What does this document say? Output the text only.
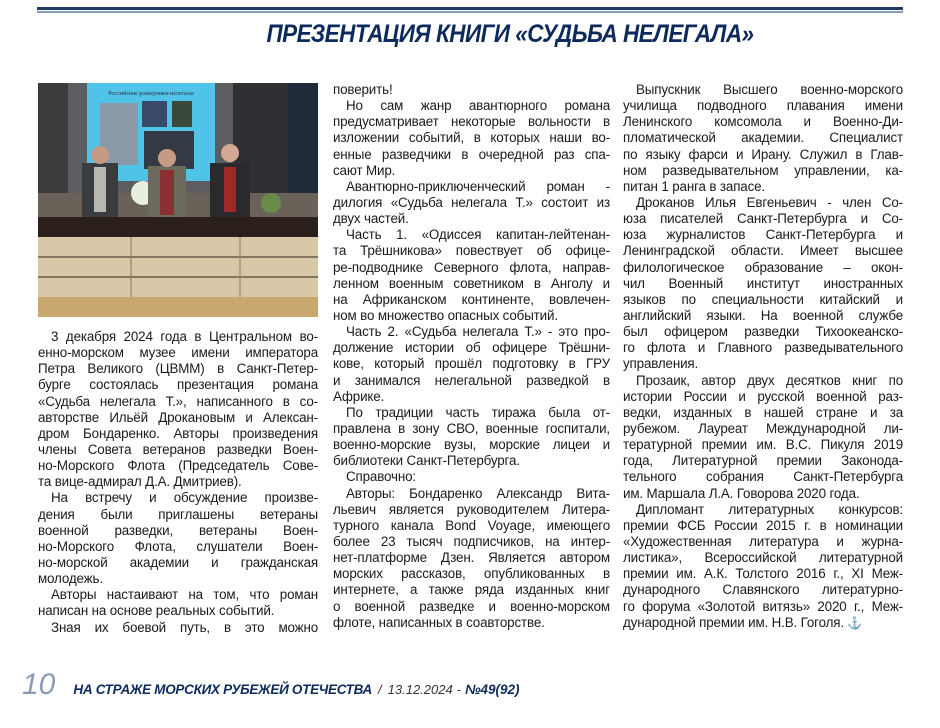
ПРЕЗЕНТАЦИЯ КНИГИ «СУДЬБА НЕЛЕГАЛА»
Российские разведчики-нелегалы
3 декабря 2024 года в Центральном во-
енно-морском музее имени императора
Петра Великого (ЦВММ) в Санкт-Петер-
бурге состоялась презентация романа
«Судьба нелегала Т.», написанного в со-
авторстве Ильёй Дрокановым и Алексан-
дром Бондаренко. Авторы произведения
члены Совета ветеранов разведки Воен-
но-Морского Флота (Председатель Сове-
та вице-адмирал Д.А. Дмитриев).
На встречу и обсуждение произве-
дения были приглашены ветераны
военной разведки, ветераны Воен-
но-Морского Флота, слушатели Воен-
но-морской академии и гражданская
молодежь.
Авторы настаивают на том, что роман
написан на основе реальных событий.
Зная их боевой путь, в это можно
поверить!
Но сам жанр авантюрного романа
предусматривает некоторые вольности в
изложении событий, в которых наши во-
енные разведчики в очередной раз спа-
сают Мир.
Авантюрно-приключенческий роман -
дилогия «Судьба нелегала Т.» состоит из
двух частей.
Часть 1. «Одиссея капитан-лейтенан-
та Трёшникова» повествует об офице-
ре-подводнике Северного флота, направ-
ленном военным советником в Анголу и
на Африканском континенте, вовлечен-
ном во множество опасных событий.
Часть 2. «Судьба нелегала Т.» - это про-
должение истории об офицере Трёшни-
кове, который прошёл подготовку в ГРУ
и занимался нелегальной разведкой в
Африке.
По традиции часть тиража была от-
правлена в зону СВО, военные госпитали,
военно-морские вузы, морские лицеи и
библиотеки Санкт-Петербурга.
Справочно:
Авторы: Бондаренко Александр Вита-
льевич является руководителем Литера-
турного канала Bond Voyage, имеющего
более 23 тысяч подписчиков, на интер-
нет-платформе Дзен. Является автором
морских рассказов, опубликованных в
интернете, а также ряда изданных книг
о военной разведке и военно-морском
флоте, написанных в соавторстве.
Выпускник Высшего военно-морского
училища подводного плавания имени
Ленинского комсомола и Военно-Ди-
пломатической академии. Специалист
по языку фарси и Ирану. Служил в Глав-
ном разведывательном управлении, ка-
питан 1 ранга в запасе.
Дроканов Илья Евгеньевич - член Со-
юза писателей Санкт-Петербурга и Со-
юза журналистов Санкт-Петербурга и
Ленинградской области. Имеет высшее
филологическое образование – окон-
чил Военный институт иностранных
языков по специальности китайский и
английский языки. На военной службе
был офицером разведки Тихоокеанско-
го флота и Главного разведывательного
управления.
Прозаик, автор двух десятков книг по
истории России и русской военной раз-
ведки, изданных в нашей стране и за
рубежом. Лауреат Международной ли-
тературной премии им. В.С. Пикуля 2019
года, Литературной премии Законода-
тельного собрания Санкт-Петербурга
им. Маршала Л.А. Говорова 2020 года.
Дипломант литературных конкурсов:
премии ФСБ России 2015 г. в номинации
«Художественная литература и журна-
листика», Всероссийской литературной
премии им. А.К. Толстого 2016 г., XI Меж-
дународного Славянского литературно-
го форума «Золотой витязь» 2020 г., Меж-
дународной премии им. Н.В. Гоголя. ⚓
10 НА СТРАЖЕ МОРСКИХ РУБЕЖЕЙ ОТЕЧЕСТВА / 13.12.2024 - №49(92)
